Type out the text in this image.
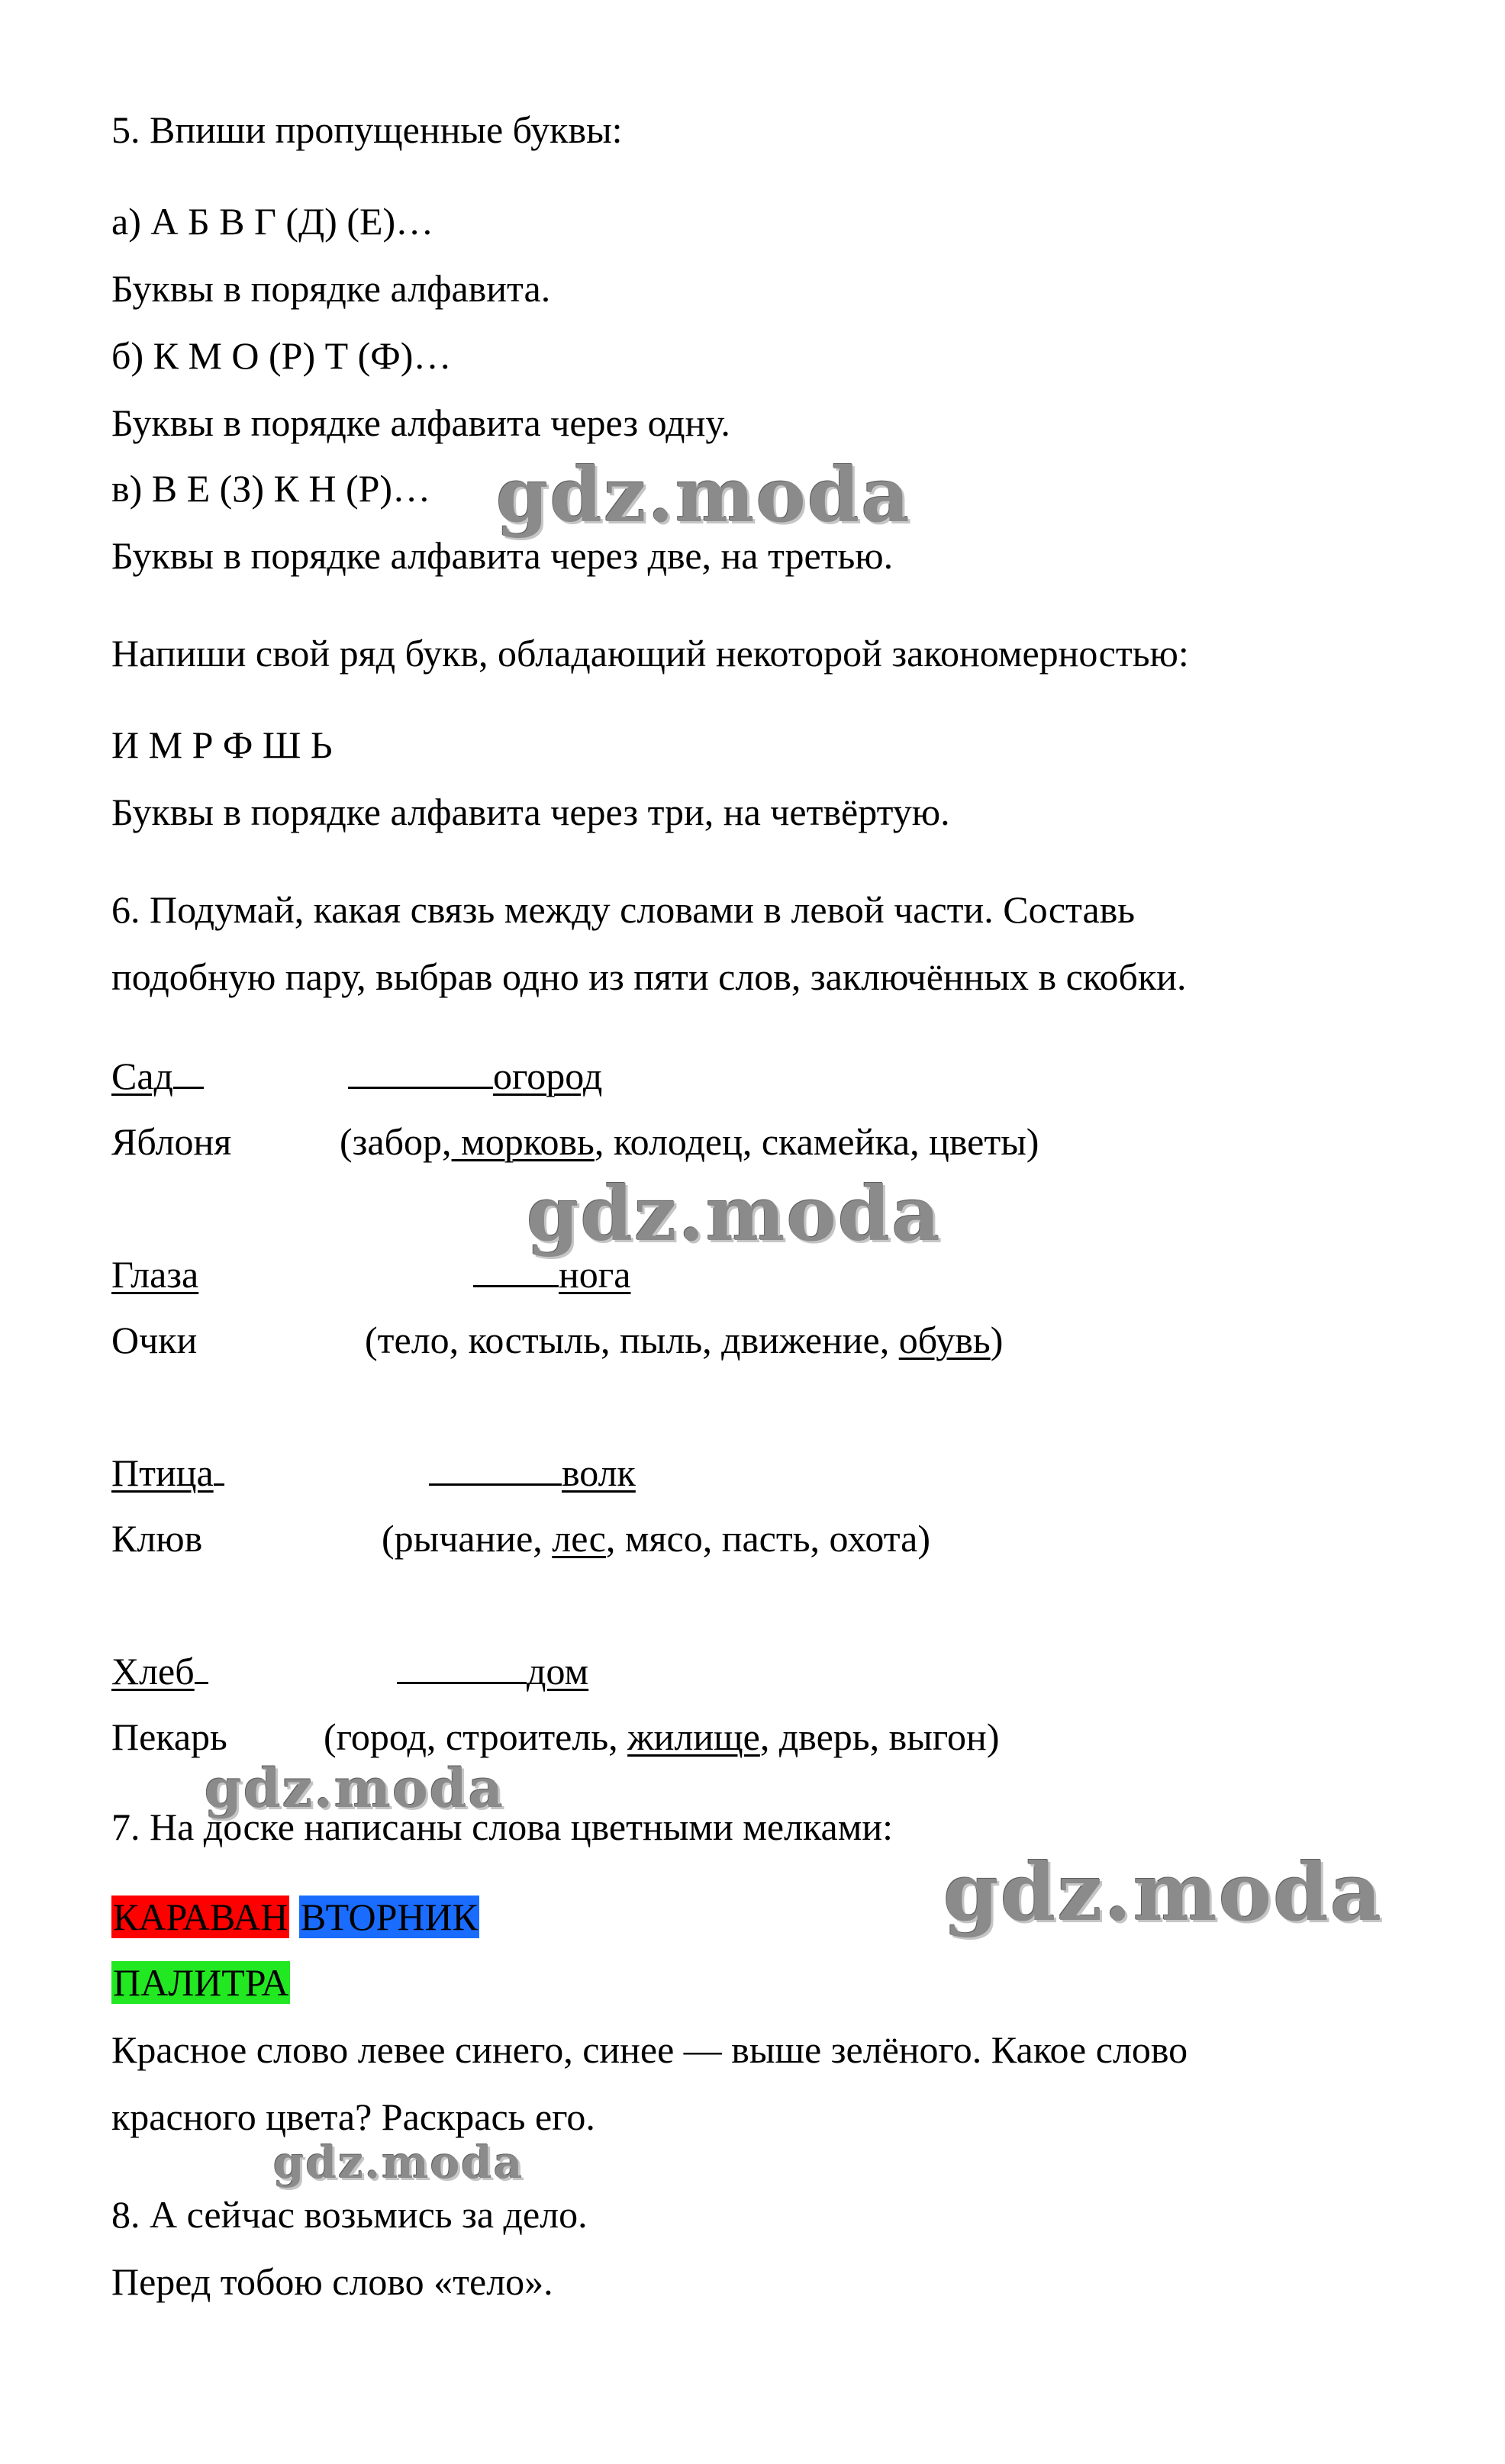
5. Впиши пропущенные буквы:
а) А Б В Г (Д) (Е)…
Буквы в порядке алфавита.
б) К М О (Р) Т (Ф)…
Буквы в порядке алфавита через одну.
в) В Е (З) К Н (Р)…
Буквы в порядке алфавита через две, на третью.
Напиши свой ряд букв, обладающий некоторой закономерностью:
И М Р Ф Ш Ь
Буквы в порядке алфавита через три, на четвёртую.
6. Подумай, какая связь между словами в левой части. Составь
подобную пару, выбрав одно из пяти слов, заключённых в скобки.
Сад	огород
Яблоня	(забор, морковь, колодец, скамейка, цветы)
Глаза	нога
Очки	(тело, костыль, пыль, движение, обувь)
Птица	волк
Клюв	(рычание, лес, мясо, пасть, охота)
Хлеб	дом
Пекарь	(город, строитель, жилище, дверь, выгон)
7. На доске написаны слова цветными мелками:
КАРАВАН ВТОРНИК
ПАЛИТРА
Красное слово левее синего, синее — выше зелёного. Какое слово
красного цвета? Раскрась его.
8. А сейчас возьмись за дело.
Перед тобою слово «тело».
gdz.moda
gdz.moda
gdz.moda
gdz.moda
gdz.moda
